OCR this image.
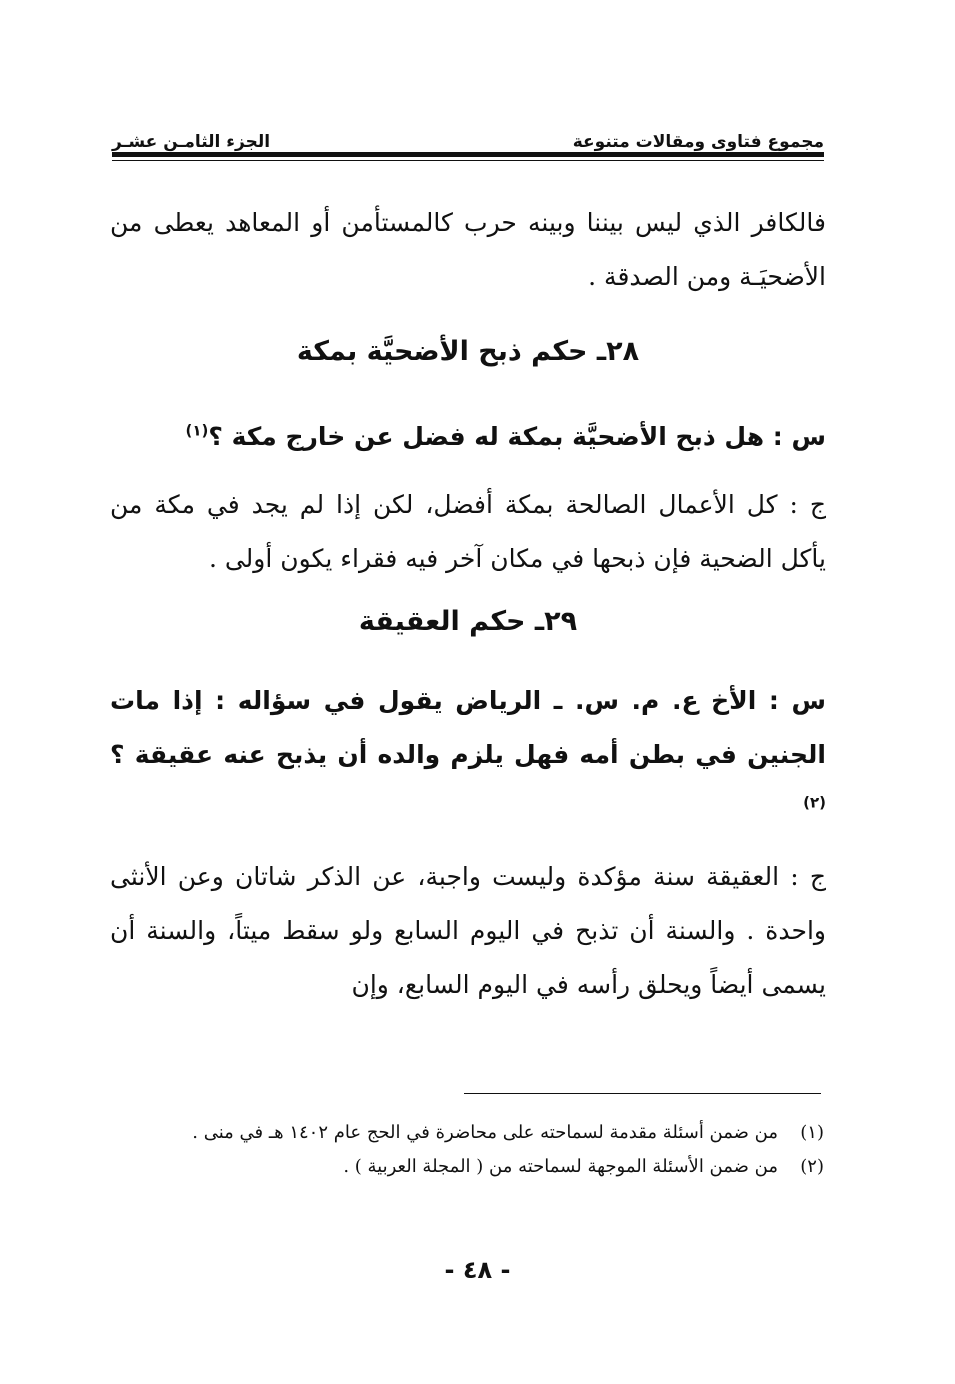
مجموع فتاوى ومقالات متنوعة
الجزء الثامـن عشـر

فالكافر الذي ليس بيننا وبينه حرب كالمستأمن أو المعاهد يعطى من الأضحيَـة ومن الصدقة .

٢٨ـ حكم ذبح الأضحيَّة بمكة

س : هل ذبح الأضحيَّة بمكة له فضل عن خارج مكة ؟$^{(١)}$

ج : كل الأعمال الصالحة بمكة أفضل، لكن إذا لم يجد في مكة من يأكل الضحية فإن ذبحها في مكان آخر فيه فقراء يكون أولى .

٢٩ـ حكم العقيقة

س : الأخ ع. م. س. ـ الرياض يقول في سؤاله : إذا مات الجنين في بطن أمه فهل يلزم والده أن يذبح عنه عقيقة ؟$^{(٢)}$

ج : العقيقة سنة مؤكدة وليست واجبة، عن الذكر شاتان وعن الأنثى واحدة . والسنة أن تذبح في اليوم السابع ولو سقط ميتاً، والسنة أن يسمى أيضاً ويحلق رأسه في اليوم السابع، وإن

(١)
من ضمن أسئلة مقدمة لسماحته على محاضرة في الحج عام ١٤٠٢ هـ في منى .
(٢)
من ضمن الأسئلة الموجهة لسماحته من ( المجلة العربية ) .
- ٤٨ -
